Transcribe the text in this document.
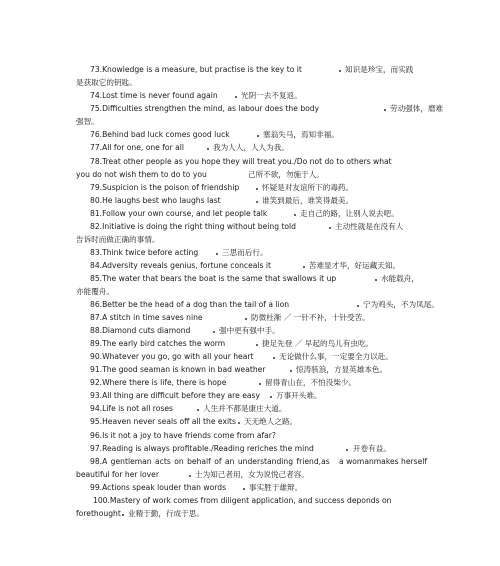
73.Knowledge is a measure, but practise is the key to it	知识是珍宝，而实践
是获取它的钥匙。
74.Lost time is never found again	光阴一去不复返。
75.Difficulties strengthen the mind, as labour does the body	劳动强体，磨难
强智。
76.Behind bad luck comes good luck	塞翁失马，焉知非福。
77.All for one, one for all	我为人人，人人为我。
78.Treat other people as you hope they will treat you./Do not do to others what
you do not wish them to do to you	己所不欲，勿施于人。
79.Suspicion is the poison of friendship	怀疑是对友谊所下的毒药。
80.He laughs best who laughs last	谁笑到最后，谁笑得最美。
81.Follow your own course, and let people talk	走自己的路，让别人说去吧。
82.Initiative is doing the right thing without being told	主动性就是在没有人
告诉时而做正确的事情。
83.Think twice before acting	三思而后行。
84.Adversity reveals genius, fortune conceals it	苦难显才华，好运藏天知。
85.The water that bears the boat is the same that swallows it up	水能载舟，
亦能覆舟。
86.Better be the head of a dog than the tail of a lion	宁为鸡头，不为凤尾。
87.A stitch in time saves nine	防微杜渐 ／ 一针不补，十针受苦。
88.Diamond cuts diamond	强中更有强中手。
89.The early bird catches the worm	捷足先登 ／ 早起的鸟儿有虫吃。
90.Whatever you go, go with all your heart	无论做什么事，一定要全力以赴。
91.The good seaman is known in bad weather	惊涛骇浪，方显英雄本色。
92.Where there is life, there is hope	留得青山在，不怕没柴少。
93.All thing are difficult before they are easy 万事开头难。
94.Life is not all roses	人生并不都是康庄大道。
95.Heaven never seals off all the exits 天无绝人之路。
96.Is it not a joy to have friends come from afar?
97.Reading is always profitable./Reading reriches the mind	开卷有益。
98.A gentleman acts on behalf of an understanding friend,as a womanmakes herself
beautiful for her lover	士为知己者用，女为说悦己者容。
99.Actions speak louder than words	事实胜于雄辩。
100.Mastery of work comes from diligent application, and success deponds on
forethought 业精于勤，行成于思。
